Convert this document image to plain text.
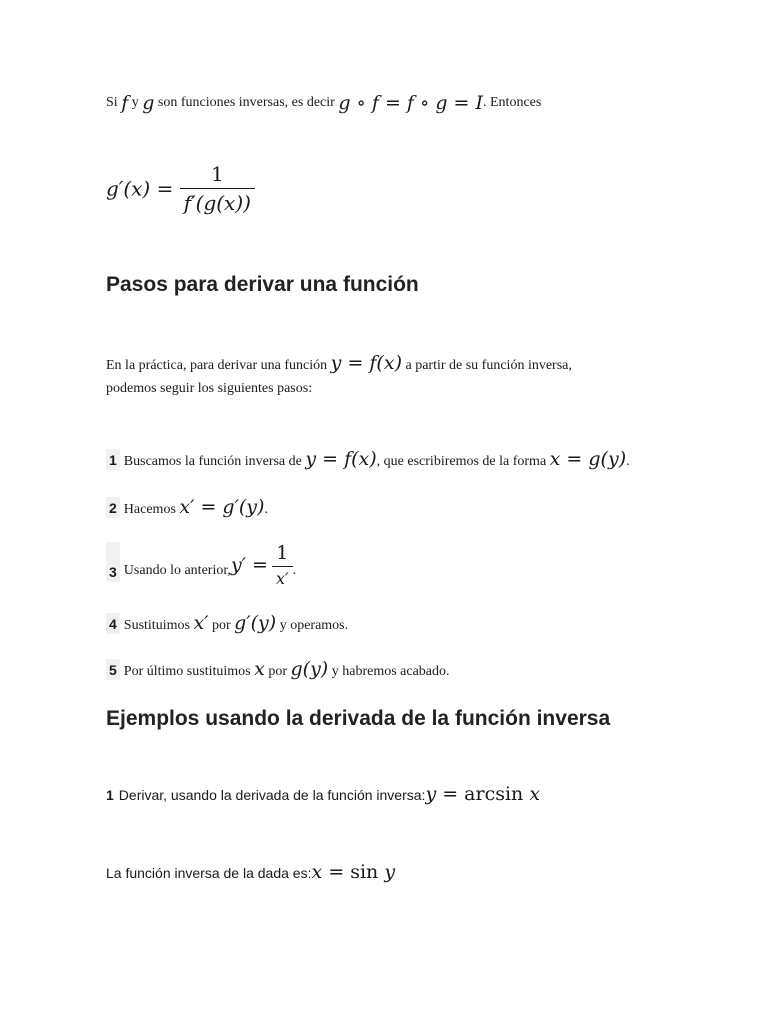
Si f y g son funciones inversas, es decir g ∘ f = f ∘ g = I. Entonces
$g'(x) = \frac{1}{f'(g(x))}$
Pasos para derivar una función
En la práctica, para derivar una función y = f(x) a partir de su función inversa,
podemos seguir los siguientes pasos:
1 Buscamos la función inversa de y = f(x), que escribiremos de la forma x = g(y).
2 Hacemos x′ = g′(y).
3 Usando lo anterior, $y' = \frac{1}{x'}$ .
4 Sustituimos x′ por g′(y) y operamos.
5 Por último sustituimos x por g(y) y habremos acabado.
Ejemplos usando la derivada de la función inversa
1 Derivar, usando la derivada de la función inversa:y = arcsin x
La función inversa de la dada es:x = sin y
